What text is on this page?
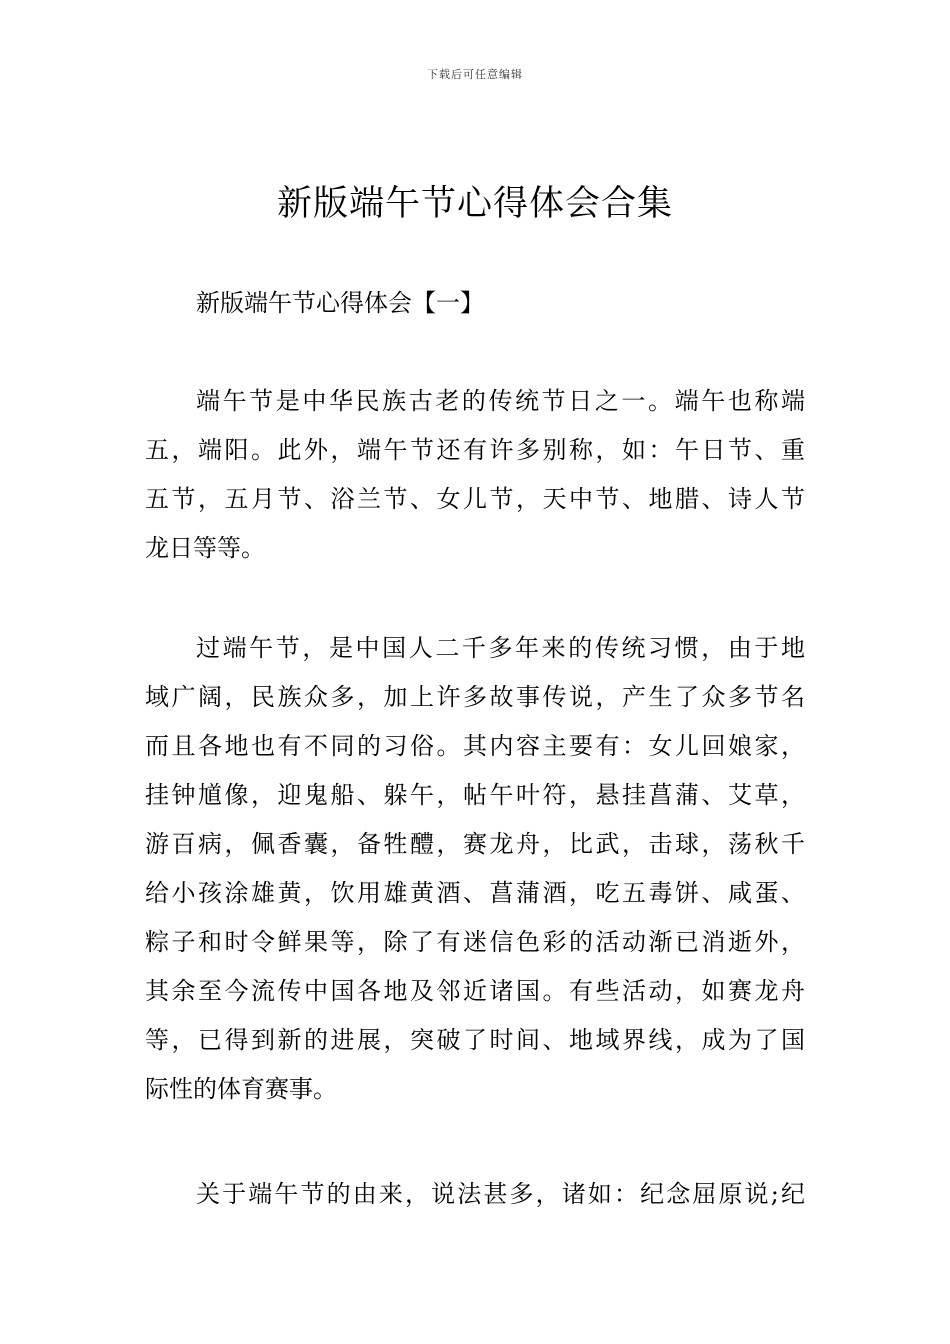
下载后可任意编辑
新版端午节心得体会合集
新版端午节心得体会【一】
端午节是中华民族古老的传统节日之一。端午也称端
五，端阳。此外，端午节还有许多别称，如：午日节、重
五节，五月节、浴兰节、女儿节，天中节、地腊、诗人节
龙日等等。
过端午节，是中国人二千多年来的传统习惯，由于地
域广阔，民族众多，加上许多故事传说，产生了众多节名
而且各地也有不同的习俗。其内容主要有：女儿回娘家，
挂钟馗像，迎鬼船、躲午，帖午叶符，悬挂菖蒲、艾草，
游百病，佩香囊，备牲醴，赛龙舟，比武，击球，荡秋千
给小孩涂雄黄，饮用雄黄酒、菖蒲酒，吃五毒饼、咸蛋、
粽子和时令鲜果等，除了有迷信色彩的活动渐已消逝外，
其余至今流传中国各地及邻近诸国。有些活动，如赛龙舟
等，已得到新的进展，突破了时间、地域界线，成为了国
际性的体育赛事。
关于端午节的由来，说法甚多，诸如：纪念屈原说;纪
